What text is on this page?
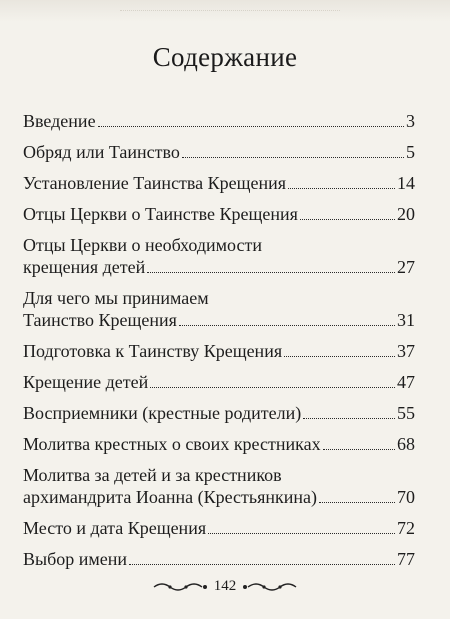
Содержание
Введение	3
Обряд или Таинство	5
Установление Таинства Крещения	14
Отцы Церкви о Таинстве Крещения	20
Отцы Церкви о необходимости
крещения детей	27
Для чего мы принимаем
Таинство Крещения	31
Подготовка к Таинству Крещения	37
Крещение детей	47
Восприемники (крестные родители)	55
Молитва крестных о своих крестниках	68
Молитва за детей и за крестников
архимандрита Иоанна (Крестьянкина)	70
Место и дата Крещения	72
Выбор имени	77
142
